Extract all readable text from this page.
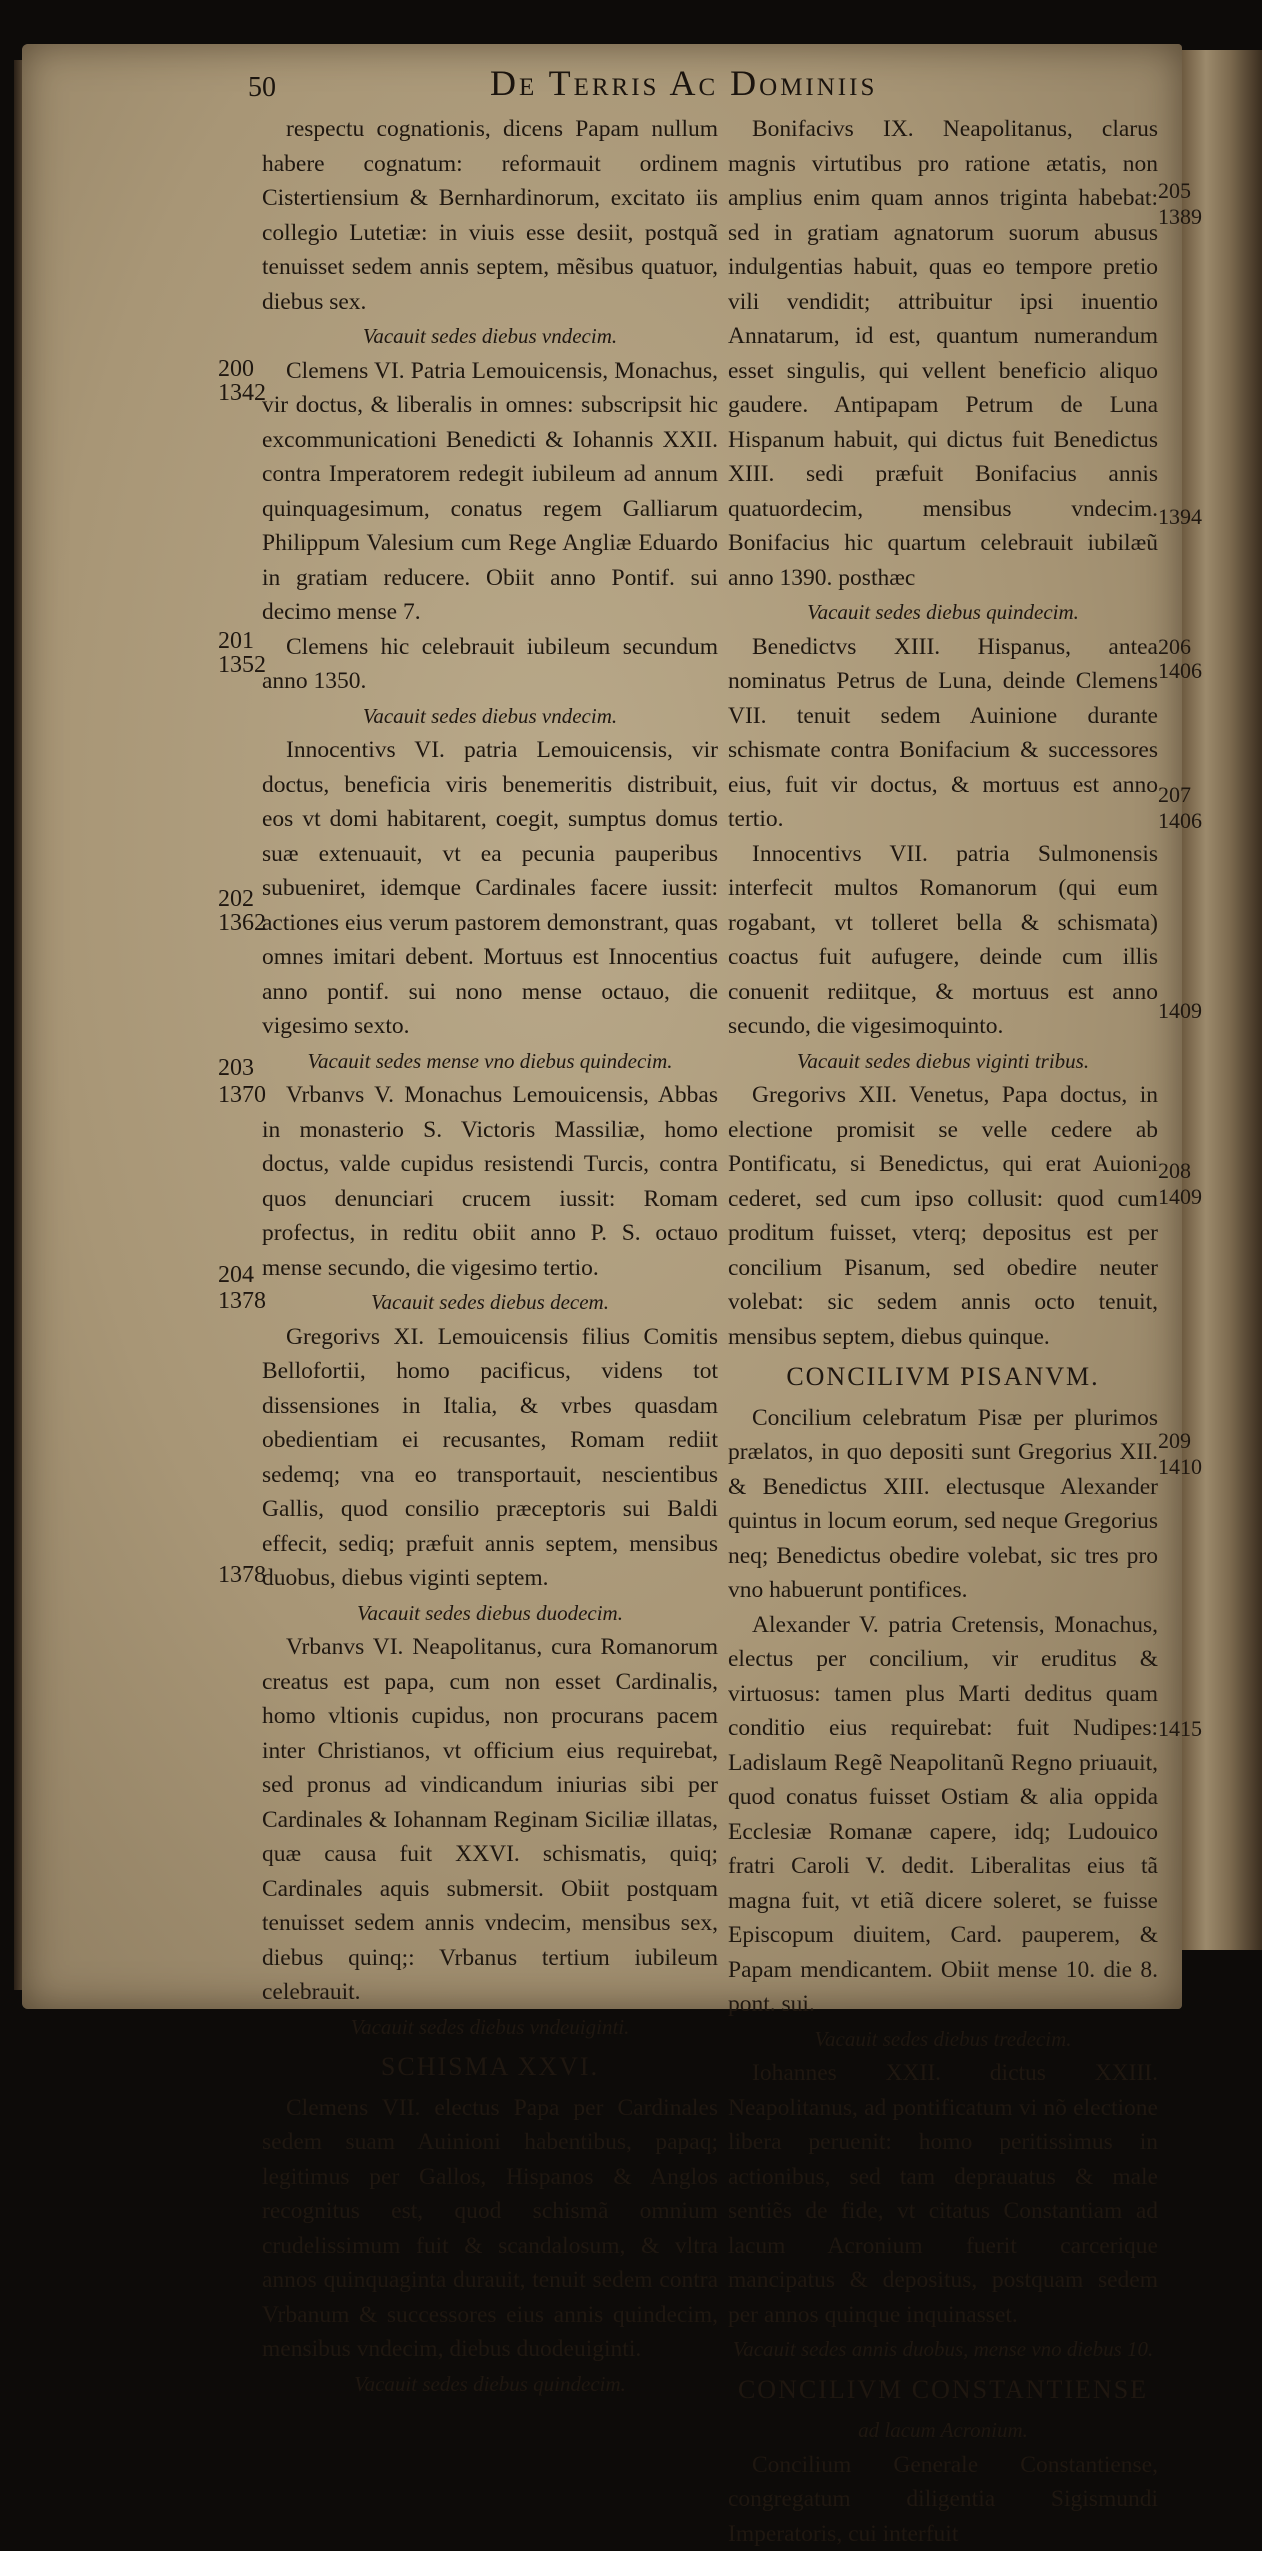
50	De Terris Ac Dominiis

respectu cognationis, dicens Papam nullum habere cognatum: reformauit ordinem Cistertiensium & Bernhardinorum, excitato iis collegio Lutetiæ: in viuis esse desiit, postquã tenuisset sedem annis septem, mẽsibus quatuor, diebus sex.

Vacauit sedes diebus vndecim.

Clemens VI. Patria Lemouicensis, Monachus, vir doctus, & liberalis in omnes: subscripsit hic excommunicationi Benedicti & Iohannis XXII. contra Imperatorem redegit iubileum ad annum quinquagesimum, conatus regem Galliarum Philippum Valesium cum Rege Angliæ Eduardo in gratiam reducere. Obiit anno Pontif. sui decimo mense 7.

Clemens hic celebrauit iubileum secundum anno 1350.

Vacauit sedes diebus vndecim.

Innocentivs VI. patria Lemouicensis, vir doctus, beneficia viris benemeritis distribuit, eos vt domi habitarent, coegit, sumptus domus suæ extenuauit, vt ea pecunia pauperibus subueniret, idemque Cardinales facere iussit: actiones eius verum pastorem demonstrant, quas omnes imitari debent. Mortuus est Innocentius anno pontif. sui nono mense octauo, die vigesimo sexto.

Vacauit sedes mense vno diebus quindecim.

Vrbanvs V. Monachus Lemouicensis, Abbas in monasterio S. Victoris Massiliæ, homo doctus, valde cupidus resistendi Turcis, contra quos denunciari crucem iussit: Romam profectus, in reditu obiit anno P. S. octauo mense secundo, die vigesimo tertio.

Vacauit sedes diebus decem.

Gregorivs XI. Lemouicensis filius Comitis Bellofortii, homo pacificus, videns tot dissensiones in Italia, & vrbes quasdam obedientiam ei recusantes, Romam rediit sedemq; vna eo transportauit, nescientibus Gallis, quod consilio præceptoris sui Baldi effecit, sediq; præfuit annis septem, mensibus duobus, diebus viginti septem.

Vacauit sedes diebus duodecim.

Vrbanvs VI. Neapolitanus, cura Romanorum creatus est papa, cum non esset Cardinalis, homo vltionis cupidus, non procurans pacem inter Christianos, vt officium eius requirebat, sed pronus ad vindicandum iniurias sibi per Cardinales & Iohannam Reginam Siciliæ illatas, quæ causa fuit XXVI. schismatis, quiq; Cardinales aquis submersit. Obiit postquam tenuisset sedem annis vndecim, mensibus sex, diebus quinq;: Vrbanus tertium iubileum celebrauit.

Vacauit sedes diebus vndeuiginti.

SCHISMA XXVI.

Clemens VII. electus Papa per Cardinales sedem suam Auinioni habentibus, papaq; legitimus per Gallos, Hispanos & Anglos recognitus est, quod schismã omnium crudelissimum fuit & scandalosum, & vltra annos quinquaginta durauit, tenuit sedem contra Vrbanum & successores eius annis quindecim, mensibus vndecim, diebus duodeuiginti.

Vacauit sedes diebus quindecim.

Bonifacivs IX. Neapolitanus, clarus magnis virtutibus pro ratione ætatis, non amplius enim quam annos triginta habebat: sed in gratiam agnatorum suorum abusus indulgentias habuit, quas eo tempore pretio vili vendidit; attribuitur ipsi inuentio Annatarum, id est, quantum numerandum esset singulis, qui vellent beneficio aliquo gaudere. Antipapam Petrum de Luna Hispanum habuit, qui dictus fuit Benedictus XIII. sedi præfuit Bonifacius annis quatuordecim, mensibus vndecim. Bonifacius hic quartum celebrauit iubilæũ anno 1390. posthæc

Vacauit sedes diebus quindecim.

Benedictvs XIII. Hispanus, antea nominatus Petrus de Luna, deinde Clemens VII. tenuit sedem Auinione durante schismate contra Bonifacium & successores eius, fuit vir doctus, & mortuus est anno tertio.

Innocentivs VII. patria Sulmonensis interfecit multos Romanorum (qui eum rogabant, vt tolleret bella & schismata) coactus fuit aufugere, deinde cum illis conuenit rediitque, & mortuus est anno secundo, die vigesimoquinto.

Vacauit sedes diebus viginti tribus.

Gregorivs XII. Venetus, Papa doctus, in electione promisit se velle cedere ab Pontificatu, si Benedictus, qui erat Auioni cederet, sed cum ipso collusit: quod cum proditum fuisset, vterq; depositus est per concilium Pisanum, sed obedire neuter volebat: sic sedem annis octo tenuit, mensibus septem, diebus quinque.

CONCILIVM PISANVM.

Concilium celebratum Pisæ per plurimos prælatos, in quo depositi sunt Gregorius XII. & Benedictus XIII. electusque Alexander quintus in locum eorum, sed neque Gregorius neq; Benedictus obedire volebat, sic tres pro vno habuerunt pontifices.

Alexander V. patria Cretensis, Monachus, electus per concilium, vir eruditus & virtuosus: tamen plus Marti deditus quam conditio eius requirebat: fuit Nudipes: Ladislaum Regẽ Neapolitanũ Regno priuauit, quod conatus fuisset Ostiam & alia oppida Ecclesiæ Romanæ capere, idq; Ludouico fratri Caroli V. dedit. Liberalitas eius tã magna fuit, vt etiã dicere soleret, se fuisse Episcopum diuitem, Card. pauperem, & Papam mendicantem. Obiit mense 10. die 8. pont. sui.

Vacauit sedes diebus tredecim.

Iohannes XXII. dictus XXIII. Neapolitanus, ad pontificatum vi nõ electione libera peruenit: homo peritissimus in actionibus, sed tam deprauatus & male sentiẽs de fide, vt citatus Constantiam ad lacum Acronium fuerit carcerique mancipatus & depositus, postquam sedem per annos quinque inquinasset.

Vacauit sedes annis duobus, mense vno diebus 10.

CONCILIVM CONSTANTIENSE

ad lacum Acronium.

Concilium Generale Constantiense, congregatum diligentia Sigismundi Imperatoris, cui interfuit

200
1342
201
1352
202
1362
203
1370
204
1378
1378
205
1389
1394
206
1406
207
1406
1409
208
1409
209
1410
1415
